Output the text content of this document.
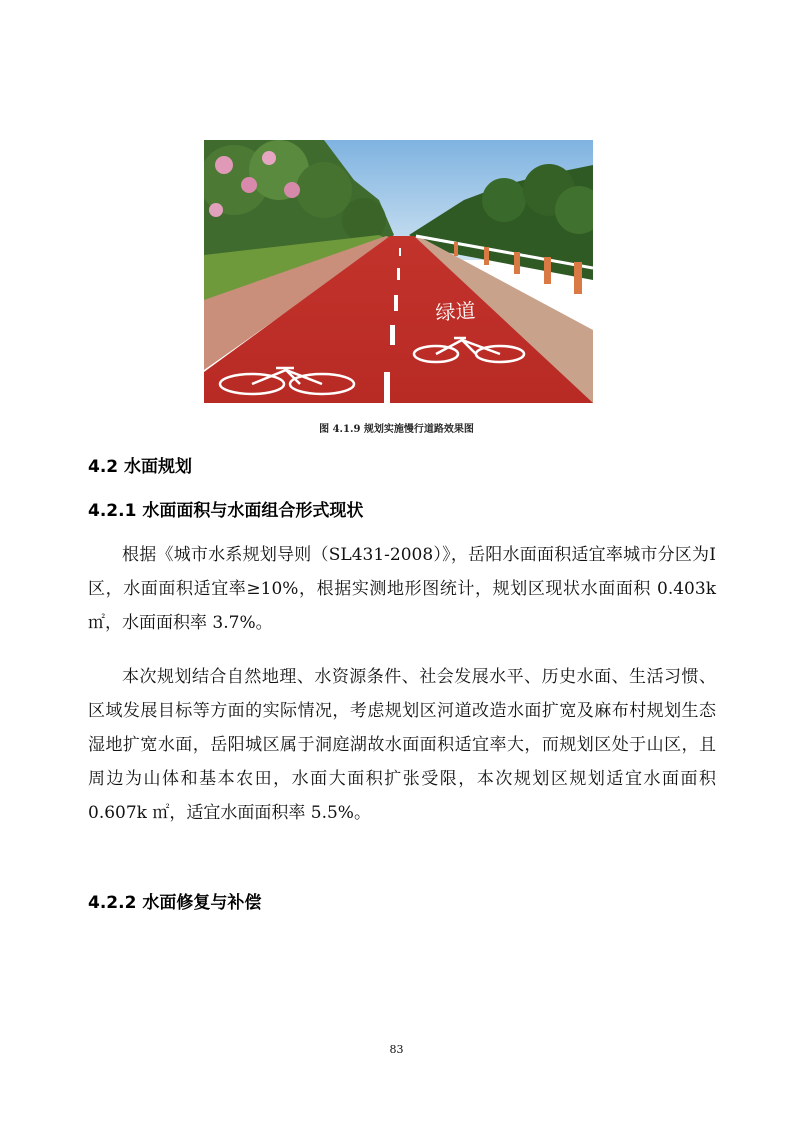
绿道
图 4.1.9 规划实施慢行道路效果图
4.2 水面规划
4.2.1 水面面积与水面组合形式现状

根据《城市水系规划导则（SL431-2008）》，岳阳水面面积适宜率城市分区为Ⅰ区，水面面积适宜率≥10%，根据实测地形图统计，规划区现状水面面积 0.403k ㎡，水面面积率 3.7%。

本次规划结合自然地理、水资源条件、社会发展水平、历史水面、生活习惯、区域发展目标等方面的实际情况，考虑规划区河道改造水面扩宽及麻布村规划生态湿地扩宽水面，岳阳城区属于洞庭湖故水面面积适宜率大，而规划区处于山区，且周边为山体和基本农田，水面大面积扩张受限，本次规划区规划适宜水面面积 0.607k ㎡，适宜水面面积率 5.5%。

4.2.2 水面修复与补偿
83
